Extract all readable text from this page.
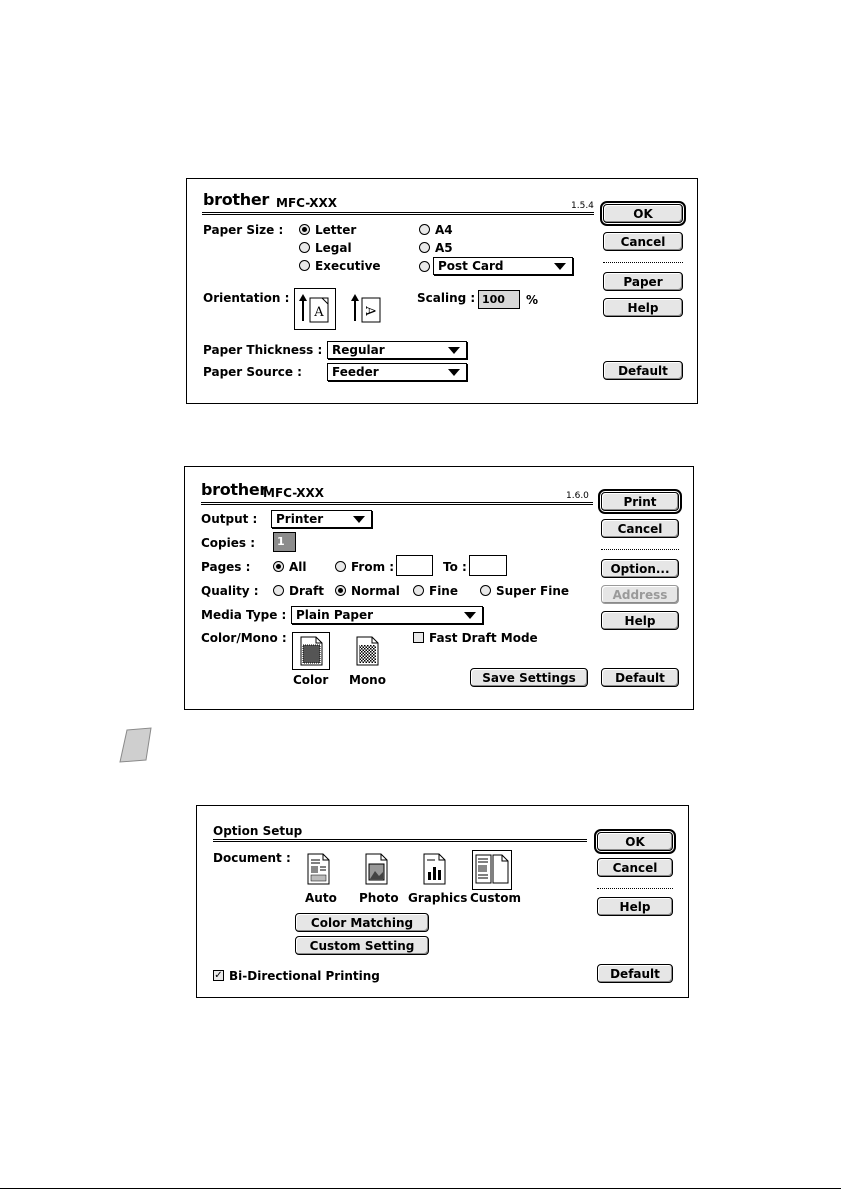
brother MFC-XXX	1.5.4
Paper Size :	Letter
Legal
Executive
A4
A5
Post Card
Orientation :
A	A
Scaling : 100	%
Paper Thickness : Regular
Paper Source :	Feeder
OK
Cancel
Paper
Help
Default
brother
MFC-XXX	1.6.0
Output :	Printer
Copies :	1
Pages :	All	From :	To :
Quality :	Draft Normal Fine	Super Fine
Media Type : Plain Paper
Color/Mono :
Color Mono
Fast Draft Mode
Save Settings
Print
Cancel
Option...
Address
Help
Default
Option Setup
Document :
Auto Photo Graphics Custom
Color Matching
Custom Setting
✓ Bi-Directional Printing
OK
Cancel
Help
Default
